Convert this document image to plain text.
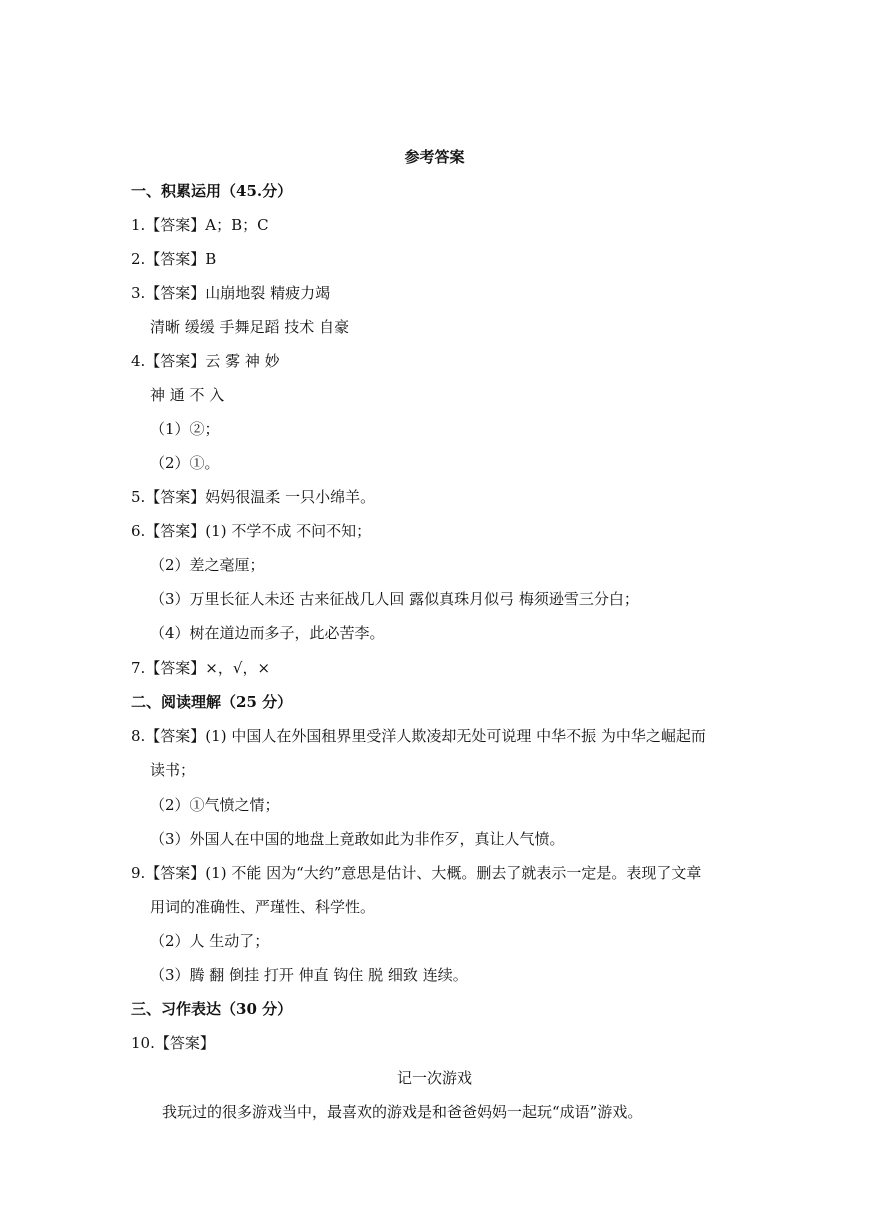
参考答案
一、积累运用（45.分）
1.【答案】A；B；C
2.【答案】B
3.【答案】山崩地裂 精疲力竭
清晰 缓缓 手舞足蹈 技术 自豪
4.【答案】云 雾 神 妙
神 通 不 入
（1）②；
（2）①。
5.【答案】妈妈很温柔 一只小绵羊。
6.【答案】(1) 不学不成 不问不知；
（2）差之毫厘；
（3）万里长征人未还 古来征战几人回 露似真珠月似弓 梅须逊雪三分白；
（4）树在道边而多子，此必苦李。
7.【答案】×，√，×
二、阅读理解（25 分）
8.【答案】(1) 中国人在外国租界里受洋人欺凌却无处可说理 中华不振 为中华之崛起而
读书；
（2）①气愤之情；
（3）外国人在中国的地盘上竟敢如此为非作歹，真让人气愤。
9.【答案】(1) 不能 因为“大约”意思是估计、大概。删去了就表示一定是。表现了文章
用词的准确性、严瑾性、科学性。
（2）人 生动了；
（3）腾 翻 倒挂 打开 伸直 钩住 脱 细致 连续。
三、习作表达（30 分）
10.【答案】
记一次游戏
我玩过的很多游戏当中，最喜欢的游戏是和爸爸妈妈一起玩“成语”游戏。
